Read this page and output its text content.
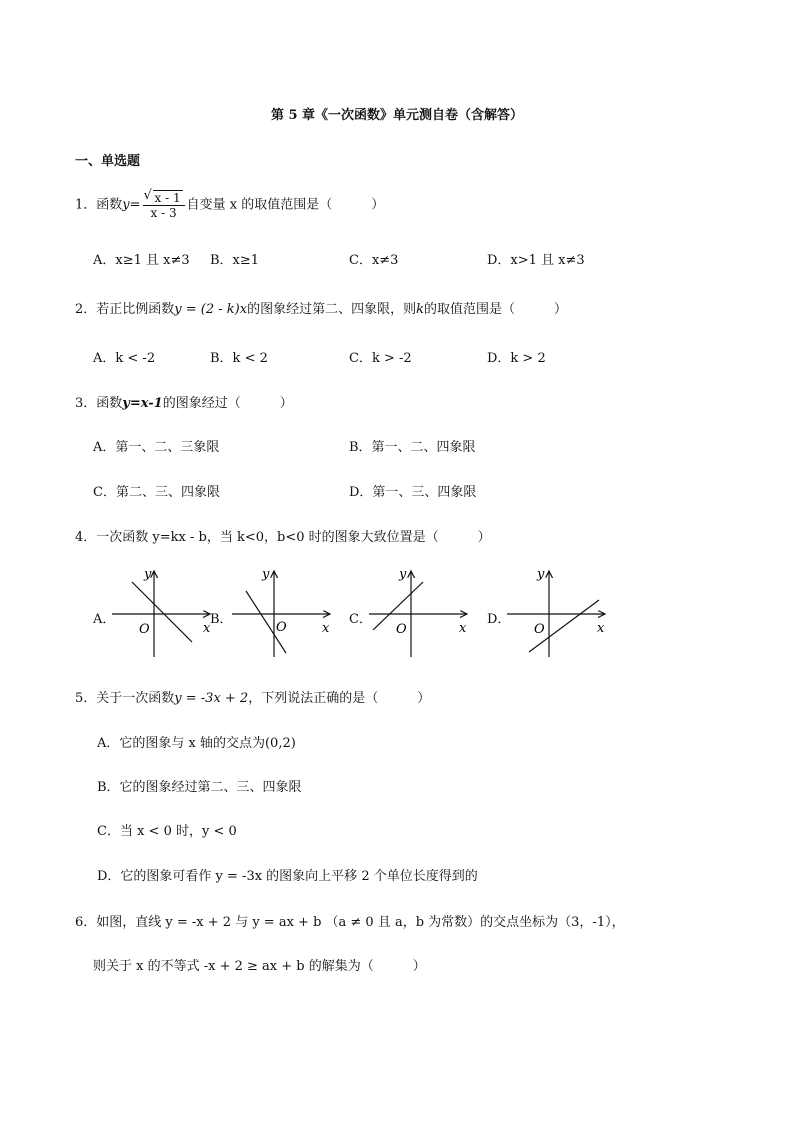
第 5 章《一次函数》单元测自卷（含解答）
一、单选题
1．函数y=
√ $\frac{x - 1}{x - 3}$ 自变量 x 的取值范围是（　　　）
A．x≥1 且 x≠3 B．x≥1	C．x≠3	D．x>1 且 x≠3
2．若正比例函数y = (2 - k)x的图象经过第二、四象限，则k的取值范围是（　　　）
A．k < -2	B．k < 2	C．k > -2	D．k > 2
3．函数y=x-1的图象经过（　　　）
A．第一、二、三象限	B．第一、二、四象限
C．第二、三、四象限	D．第一、三、四象限
4．一次函数 y=kx - b，当 k<0，b<0 时的图象大致位置是（　　　）
A．
y
x
O
B．
y
x
O
C．
y
x
O
D．
y
x
O
5．关于一次函数y = -3x + 2，下列说法正确的是（　　　）
A．它的图象与 x 轴的交点为(0,2)
B．它的图象经过第二、三、四象限
C．当 x < 0 时，y < 0
D．它的图象可看作 y = -3x 的图象向上平移 2 个单位长度得到的
6．如图，直线 y = -x + 2 与 y = ax + b （a ≠ 0 且 a，b 为常数）的交点坐标为（3，-1），
则关于 x 的不等式 -x + 2 ≥ ax + b 的解集为（　　　）
